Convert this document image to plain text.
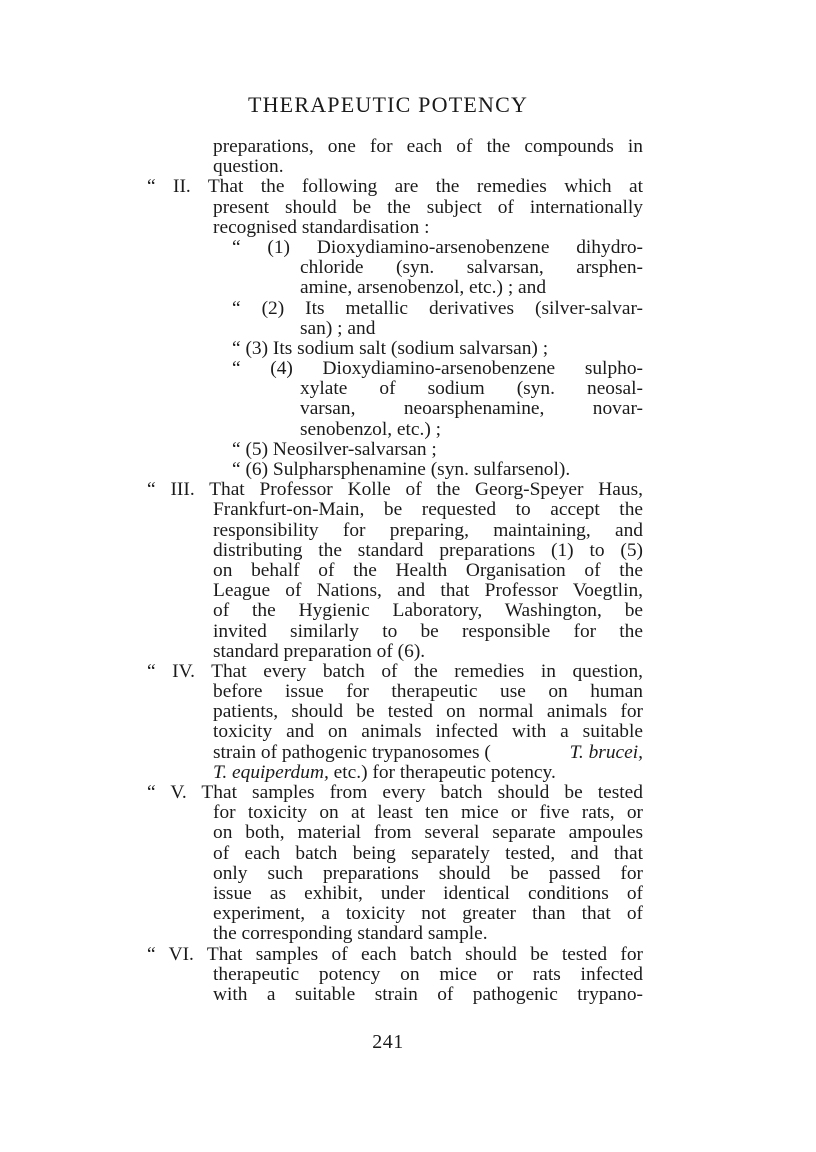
THERAPEUTIC POTENCY
preparations, one for each of the compounds in
question.
“ II. That the following are the remedies which at
present should be the subject of internationally
recognised standardisation :
“ (1) Dioxydiamino-arsenobenzene dihydro-
chloride (syn. salvarsan, arsphen-
amine, arsenobenzol, etc.) ; and
“ (2) Its metallic derivatives (silver-salvar-
san) ; and
“ (3) Its sodium salt (sodium salvarsan) ;
“ (4) Dioxydiamino-arsenobenzene sulpho-
xylate of sodium (syn. neosal-
varsan, neoarsphenamine, novar-
senobenzol, etc.) ;
“ (5) Neosilver-salvarsan ;
“ (6) Sulpharsphenamine (syn. sulfarsenol).
“ III. That Professor Kolle of the Georg-Speyer Haus,
Frankfurt-on-Main, be requested to accept the
responsibility for preparing, maintaining, and
distributing the standard preparations (1) to (5)
on behalf of the Health Organisation of the
League of Nations, and that Professor Voegtlin,
of the Hygienic Laboratory, Washington, be
invited similarly to be responsible for the
standard preparation of (6).
“ IV. That every batch of the remedies in question,
before issue for therapeutic use on human
patients, should be tested on normal animals for
toxicity and on animals infected with a suitable
strain of pathogenic trypanosomes (	T. brucei,
T. equiperdum, etc.) for therapeutic potency.
“ V. That samples from every batch should be tested
for toxicity on at least ten mice or five rats, or
on both, material from several separate ampoules
of each batch being separately tested, and that
only such preparations should be passed for
issue as exhibit, under identical conditions of
experiment, a toxicity not greater than that of
the corresponding standard sample.
“ VI. That samples of each batch should be tested for
therapeutic potency on mice or rats infected
with a suitable strain of pathogenic trypano-
241
